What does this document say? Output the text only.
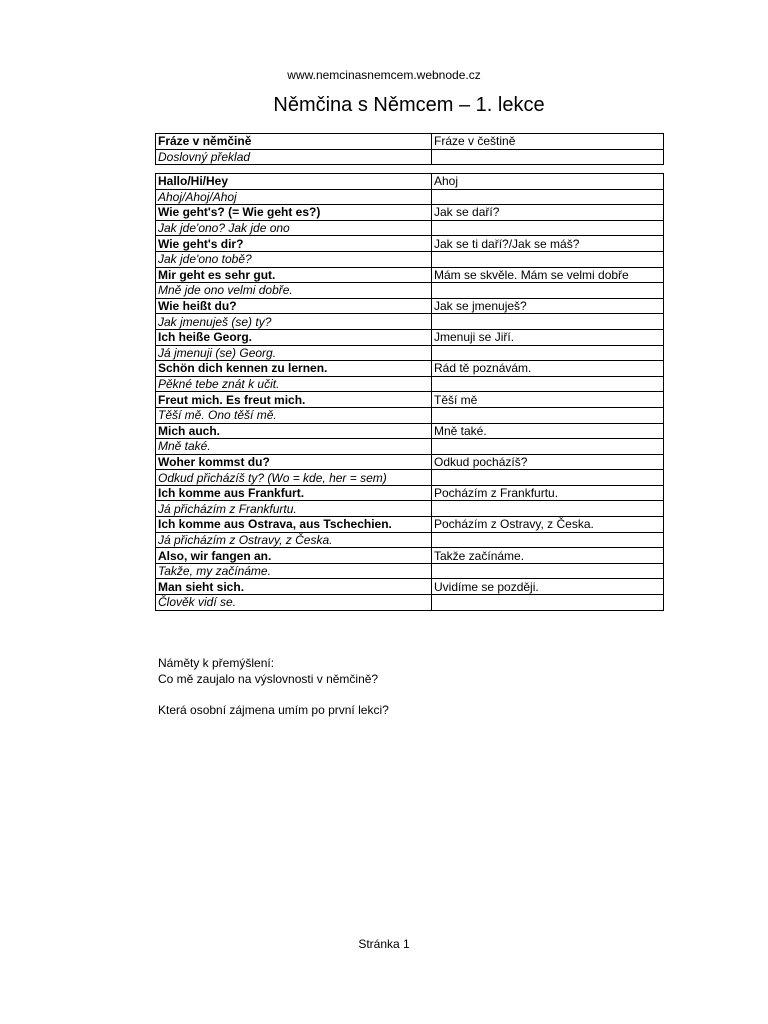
www.nemcinasnemcem.webnode.cz
Němčina s Němcem – 1. lekce
Fráze v němčině	Fráze v češtině
Doslovný překlad	
Hallo/Hi/Hey	Ahoj
Ahoj/Ahoj/Ahoj	
Wie geht's? (= Wie geht es?)	Jak se daří?
Jak jde'ono? Jak jde ono	
Wie geht's dir?	Jak se ti daří?/Jak se máš?
Jak jde'ono tobě?	
Mir geht es sehr gut.	Mám se skvěle. Mám se velmi dobře
Mně jde ono velmi dobře.	
Wie heißt du?	Jak se jmenuješ?
Jak jmenuješ (se) ty?	
Ich heiße Georg.	Jmenuji se Jiří.
Já jmenuji (se) Georg.	
Schön dich kennen zu lernen.	Rád tě poznávám.
Pěkné tebe znát k učit.	
Freut mich. Es freut mich.	Těší mě
Těší mě. Ono těší mě.	
Mich auch.	Mně také.
Mně také.	
Woher kommst du?	Odkud pocházíš?
Odkud přicházíš ty? (Wo = kde, her = sem)	
Ich komme aus Frankfurt.	Pocházím z Frankfurtu.
Já přicházím z Frankfurtu.	
Ich komme aus Ostrava, aus Tschechien.	Pocházím z Ostravy, z Česka.
Já přicházím z Ostravy, z Česka.	
Also, wir fangen an.	Takže začínáme.
Takže, my začínáme.	
Man sieht sich.	Uvidíme se později.
Člověk vidí se.	
Náměty k přemýšlení:
Co mě zaujalo na výslovnosti v němčině?
Která osobní zájmena umím po první lekci?
Stránka 1
